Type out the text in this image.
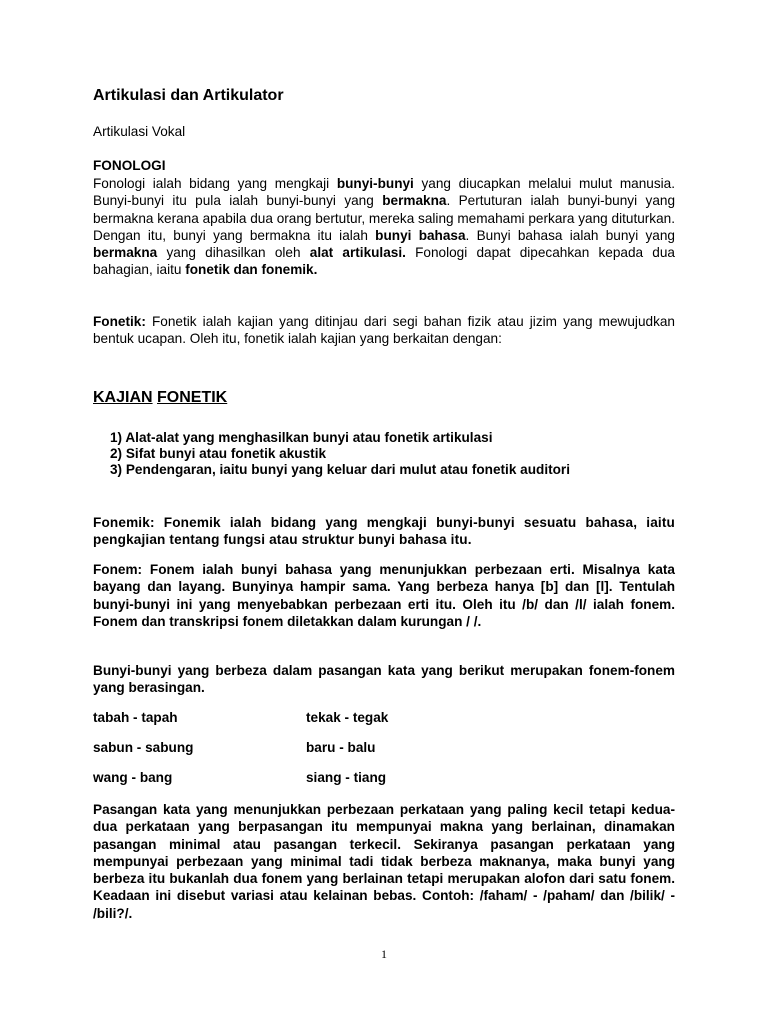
Artikulasi dan Artikulator
Artikulasi Vokal
FONOLOGI
Fonologi ialah bidang yang mengkaji bunyi-bunyi yang diucapkan melalui mulut manusia. Bunyi-bunyi itu pula ialah bunyi-bunyi yang bermakna. Pertuturan ialah bunyi-bunyi yang bermakna kerana apabila dua orang bertutur, mereka saling memahami perkara yang dituturkan. Dengan itu, bunyi yang bermakna itu ialah bunyi bahasa. Bunyi bahasa ialah bunyi yang bermakna yang dihasilkan oleh alat artikulasi. Fonologi dapat dipecahkan kepada dua bahagian, iaitu fonetik dan fonemik.
Fonetik: Fonetik ialah kajian yang ditinjau dari segi bahan fizik atau jizim yang mewujudkan bentuk ucapan. Oleh itu, fonetik ialah kajian yang berkaitan dengan:
KAJIAN FONETIK
1) Alat-alat yang menghasilkan bunyi atau fonetik artikulasi
2) Sifat bunyi atau fonetik akustik
3) Pendengaran, iaitu bunyi yang keluar dari mulut atau fonetik auditori
Fonemik: Fonemik ialah bidang yang mengkaji bunyi-bunyi sesuatu bahasa, iaitu pengkajian tentang fungsi atau struktur bunyi bahasa itu.
Fonem: Fonem ialah bunyi bahasa yang menunjukkan perbezaan erti. Misalnya kata bayang dan layang. Bunyinya hampir sama. Yang berbeza hanya [b] dan [l]. Tentulah bunyi-bunyi ini yang menyebabkan perbezaan erti itu. Oleh itu /b/ dan /l/ ialah fonem. Fonem dan transkripsi fonem diletakkan dalam kurungan / /.
Bunyi-bunyi yang berbeza dalam pasangan kata yang berikut merupakan fonem-fonem yang berasingan.
tabah - tapah	tekak - tegak
sabun - sabung	baru - balu
wang - bang	siang - tiang
Pasangan kata yang menunjukkan perbezaan perkataan yang paling kecil tetapi kedua-dua perkataan yang berpasangan itu mempunyai makna yang berlainan, dinamakan pasangan minimal atau pasangan terkecil. Sekiranya pasangan perkataan yang mempunyai perbezaan yang minimal tadi tidak berbeza maknanya, maka bunyi yang berbeza itu bukanlah dua fonem yang berlainan tetapi merupakan alofon dari satu fonem. Keadaan ini disebut variasi atau kelainan bebas. Contoh: /faham/ - /paham/ dan /bilik/ - /bili?/.
1
